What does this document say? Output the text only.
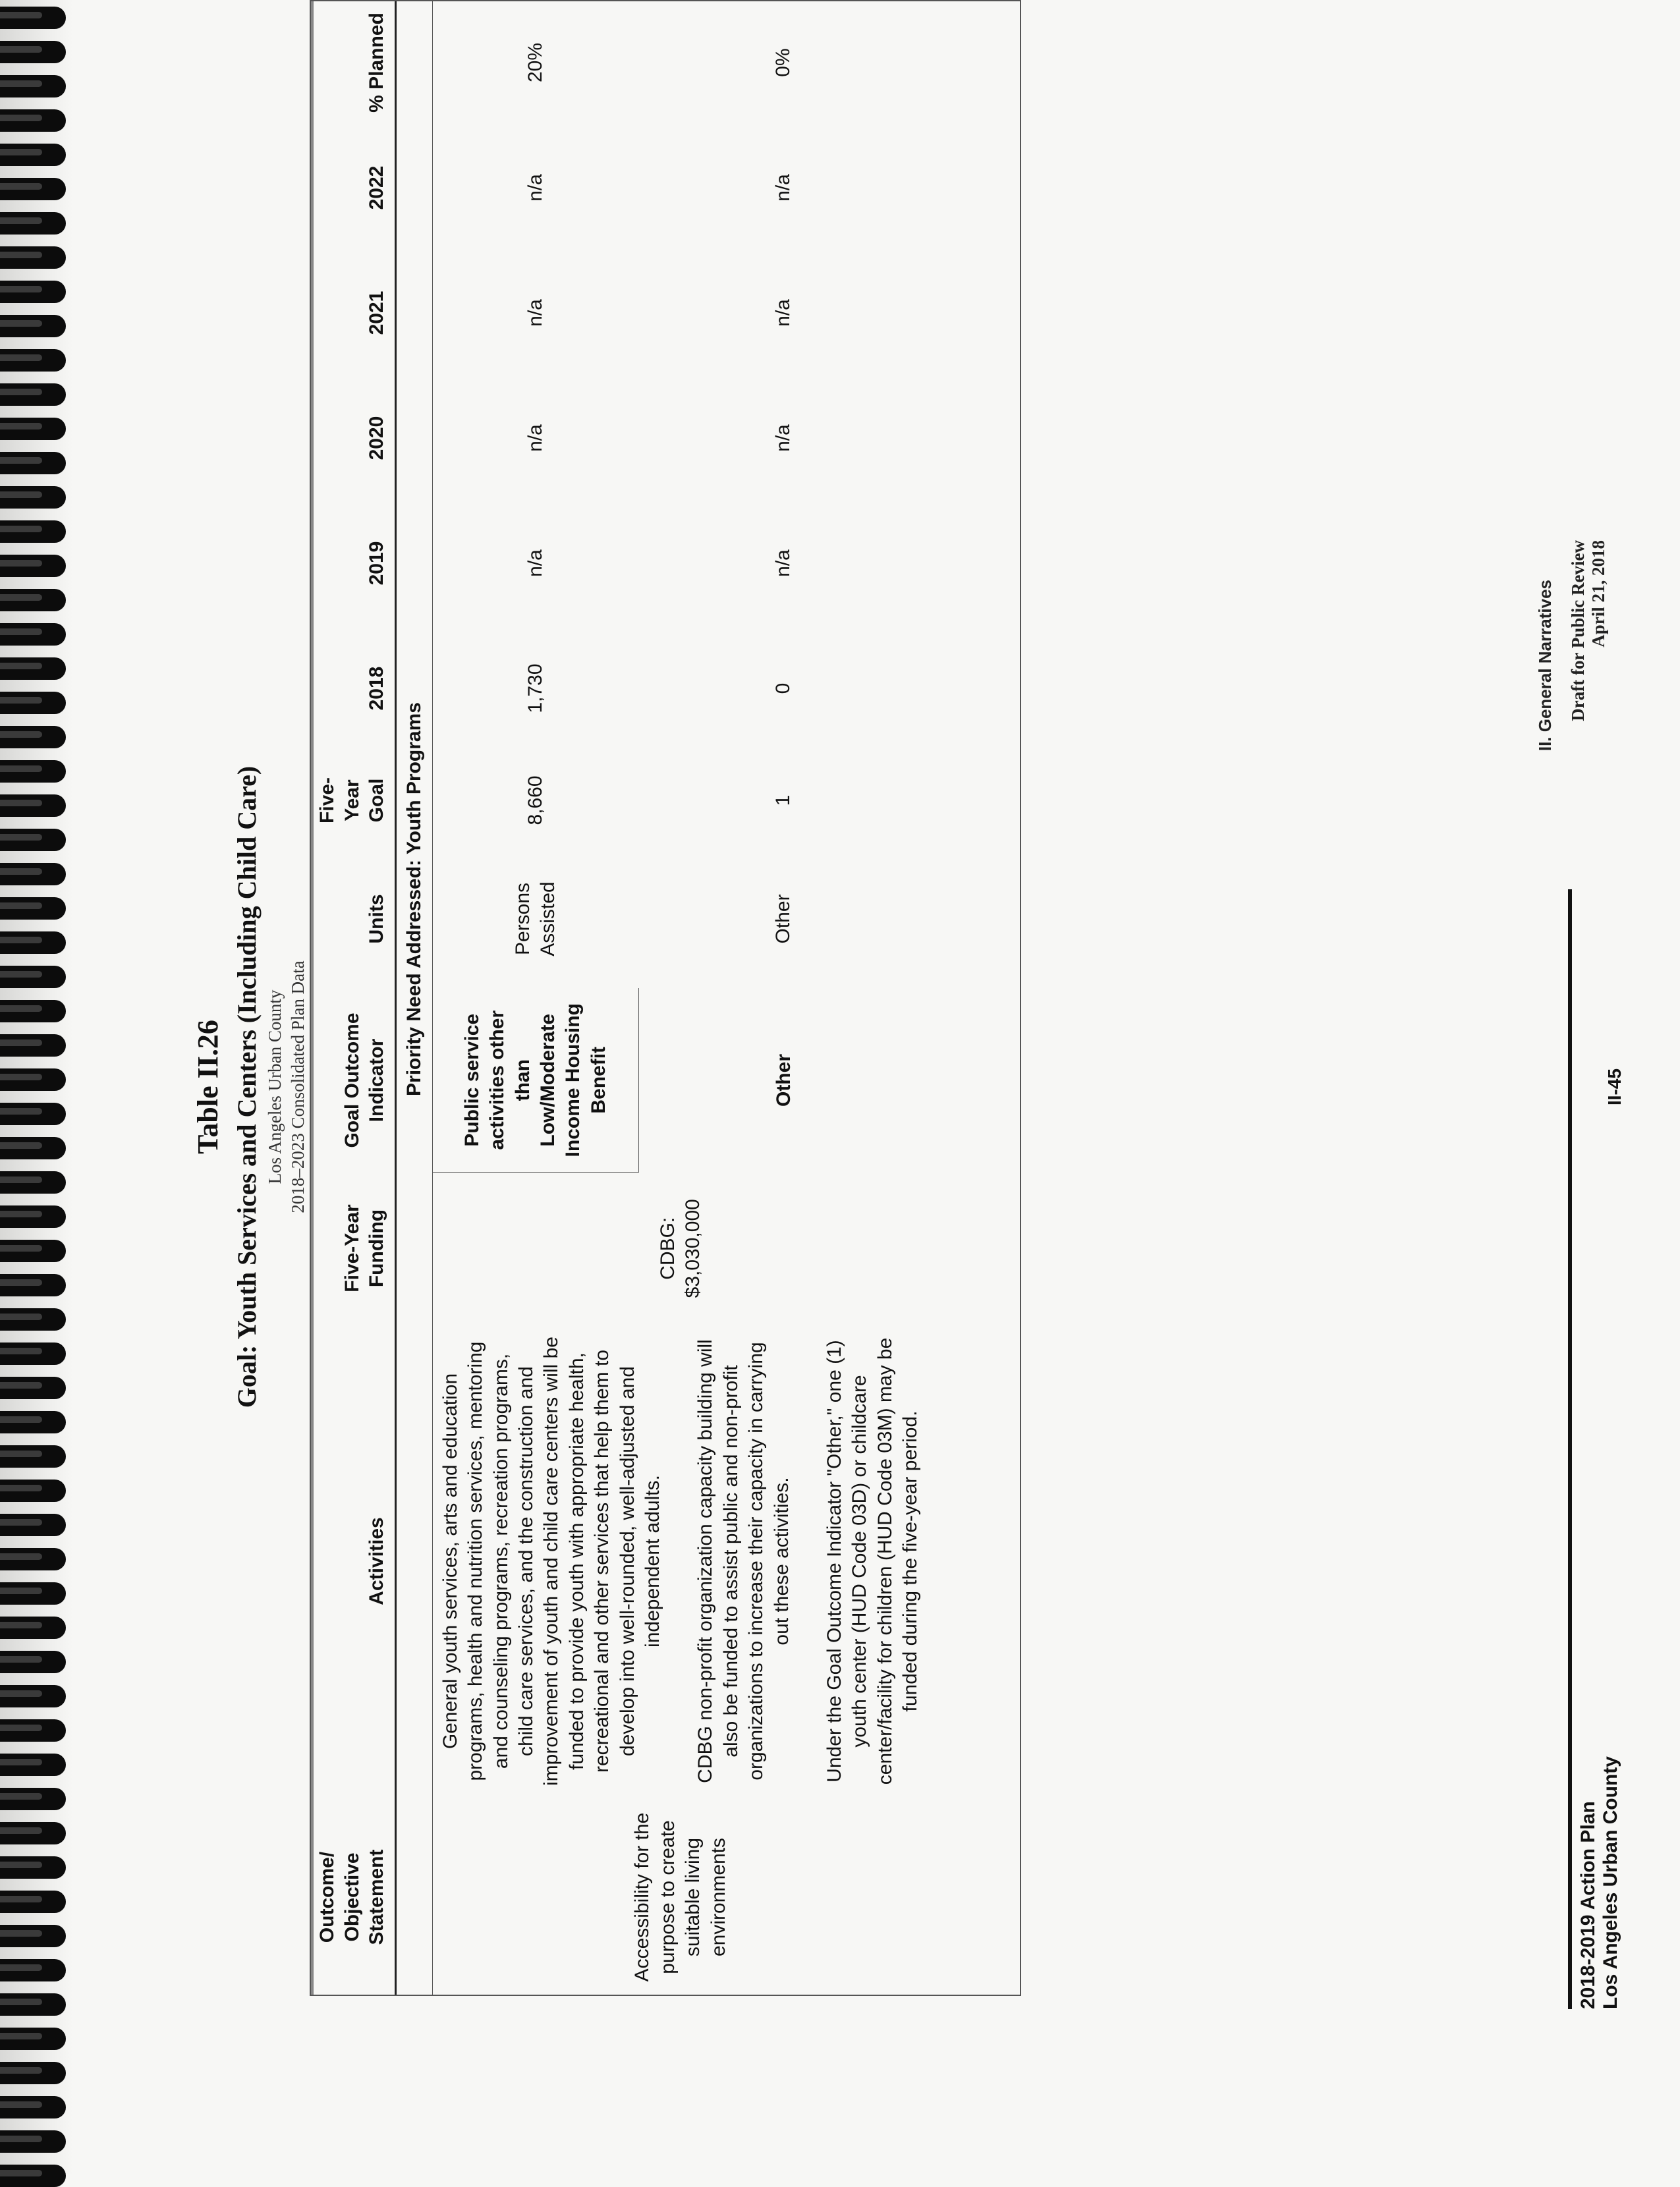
II. General Narratives

Table II.26 Goal: Youth Services and Centers (Including Child Care) Los Angeles Urban County 2018–2023 Consolidated Plan Data

Outcome/ Objective Statement	Activities	Five-Year Funding	Goal Outcome Indicator	Units	Five-Year Goal	2018	2019	2020	2021	2022	% Planned
	Priority Need Addressed: Youth Programs										
Accessibility for the purpose to create suitable living environments	General youth services, arts and education programs, health and nutrition services, mentoring and counseling programs, recreation programs, child care services, and the construction and improvement of youth and child care centers will be funded to provide youth with appropriate health, recreational and other services that help them to develop into well-rounded, well-adjusted and independent adults. CDBG non-profit organization capacity building will also be funded to assist public and non-profit organizations to increase their capacity in carrying out these activities. Under the Goal Outcome Indicator "Other," one (1) youth center (HUD Code 03D) or childcare center/facility for children (HUD Code 03M) may be funded during the five-year period.	CDBG: $3,030,000	Public service activities other than Low/Moderate Income Housing Benefit	Persons Assisted	8,660	1,730	n/a	n/a	n/a	n/a	20%
			Other	Other	1	0	n/a	n/a	n/a	n/a	0%
2018-2019 Action Plan Los Angeles Urban County
II-45
Draft for Public Review April 21, 2018
